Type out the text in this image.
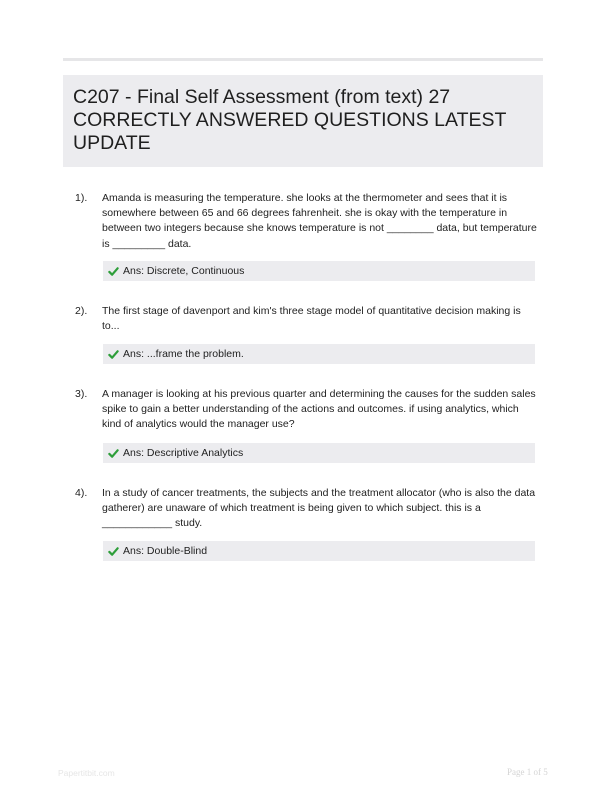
C207 - Final Self Assessment (from text) 27 CORRECTLY ANSWERED QUESTIONS LATEST UPDATE
1). Amanda is measuring the temperature. she looks at the thermometer and sees that it is somewhere between 65 and 66 degrees fahrenheit. she is okay with the temperature in between two integers because she knows temperature is not ________ data, but temperature is _________ data.

Ans: Discrete, Continuous
2). The first stage of davenport and kim's three stage model of quantitative decision making is to...

Ans: ...frame the problem.
3). A manager is looking at his previous quarter and determining the causes for the sudden sales spike to gain a better understanding of the actions and outcomes. if using analytics, which kind of analytics would the manager use?

Ans: Descriptive Analytics
4). In a study of cancer treatments, the subjects and the treatment allocator (who is also the data gatherer) are unaware of which treatment is being given to which subject. this is a ____________ study.

Ans: Double-Blind
Papertitbit.com	Page 1 of 5
